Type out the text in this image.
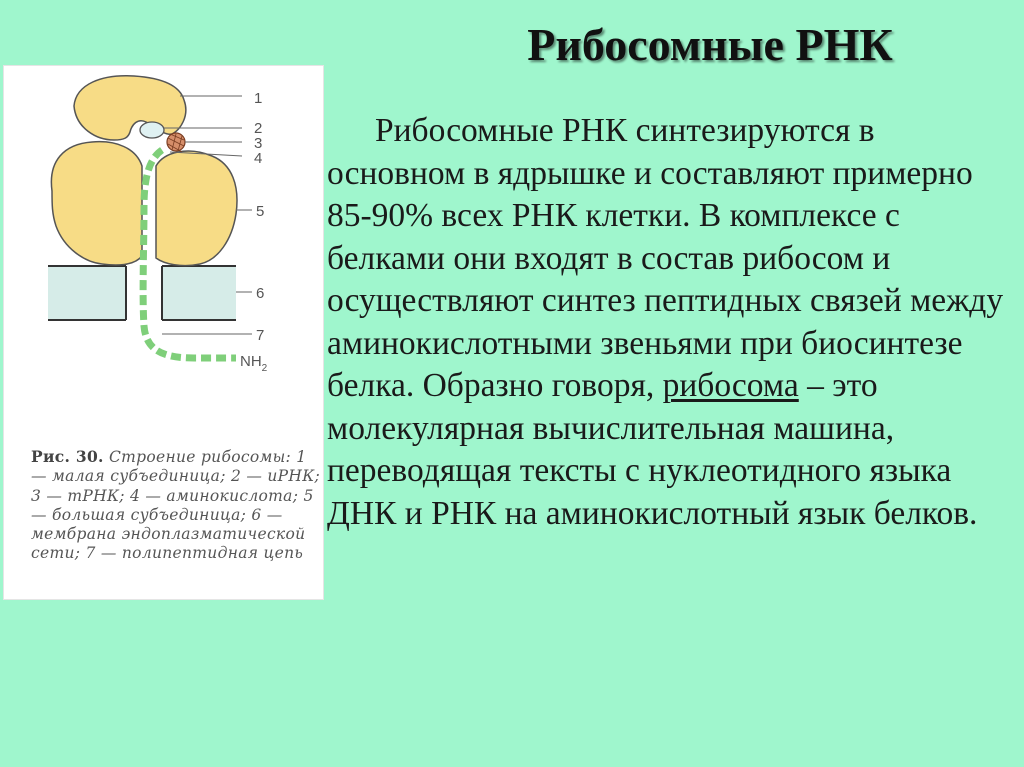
Рибосомные РНК
1
2
3
4
5
6
7
$NH_2$
Рис. 30. Строение рибосомы: 1 — малая субъединица; 2 — иРНК; 3 — тРНК; 4 — аминокислота; 5 — большая субъединица; 6 — мембрана эндоплазматической сети; 7 — полипептидная цепь
Рибосомные РНК синтезируются в основном в ядрышке и составляют примерно 85-90% всех РНК клетки. В комплексе с белками они входят в состав рибосом и осуществляют синтез пептидных связей между аминокислотными звеньями при биосинтезе белка. Образно говоря, рибосома – это молекулярная вычислительная машина, переводящая тексты с нуклеотидного языка ДНК и РНК на аминокислотный язык белков.
